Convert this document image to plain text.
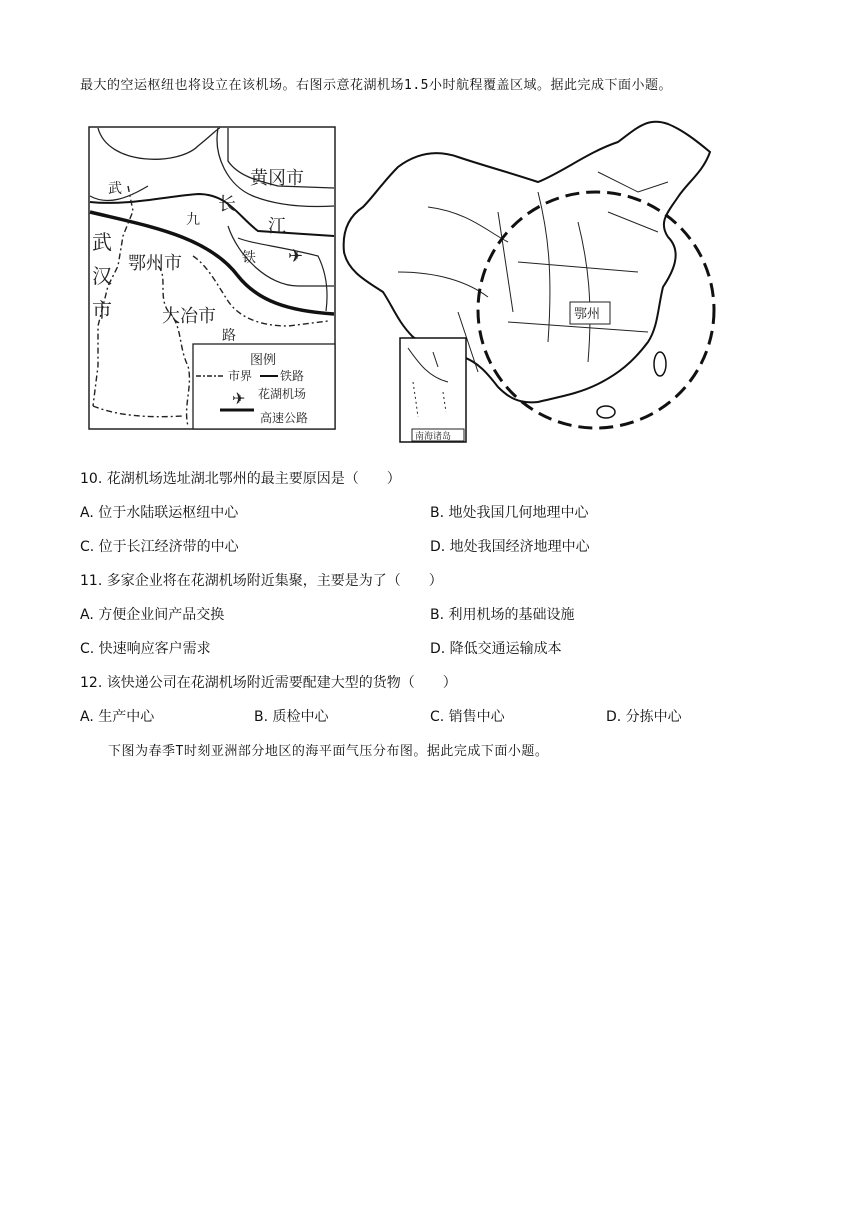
最大的空运枢纽也将设立在该机场。右图示意花湖机场1.5小时航程覆盖区域。据此完成下面小题。
黄冈市
武
武
汉
市
鄂州市
大冶市
长
江
九
铁
路
✈
图例
市界 铁路
✈ 花湖机场
高速公路
鄂州
南海诸岛
10. 花湖机场选址湖北鄂州的最主要原因是（　　）
A. 位于水陆联运枢纽中心	B. 地处我国几何地理中心
C. 位于长江经济带的中心	D. 地处我国经济地理中心
11. 多家企业将在花湖机场附近集聚，主要是为了（　　）
A. 方便企业间产品交换	B. 利用机场的基础设施
C. 快速响应客户需求	D. 降低交通运输成本
12. 该快递公司在花湖机场附近需要配建大型的货物（　　）
A. 生产中心	B. 质检中心	C. 销售中心	D. 分拣中心
下图为春季T时刻亚洲部分地区的海平面气压分布图。据此完成下面小题。
